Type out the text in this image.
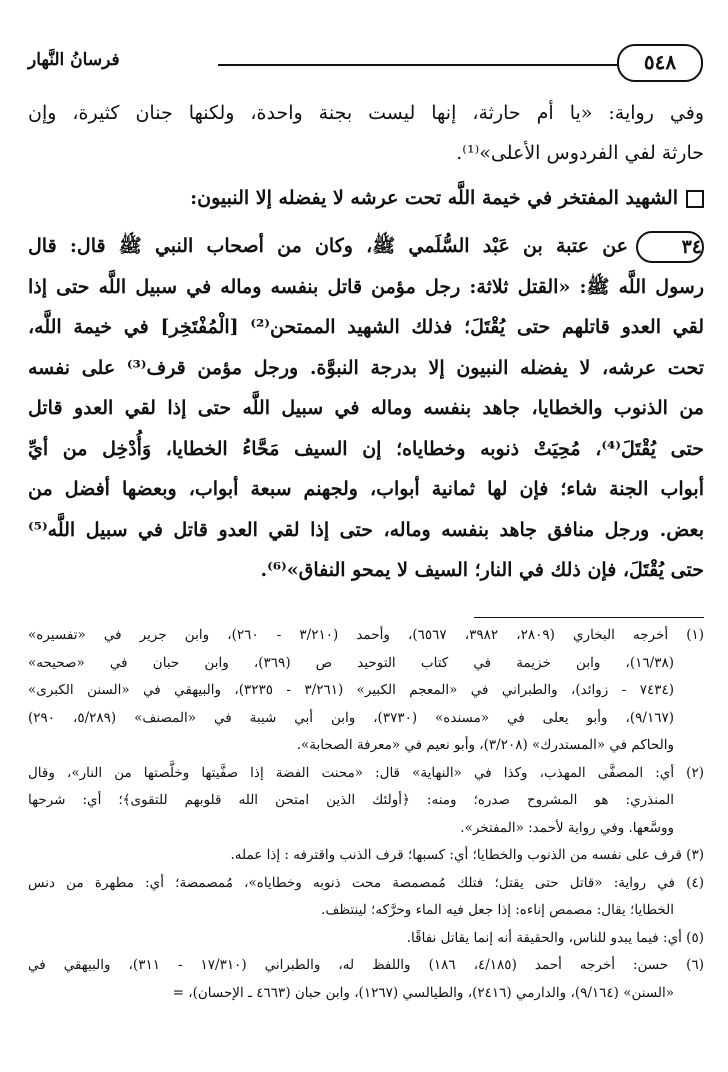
فرسانُ النَّهار	٥٤٨
وفي رواية: «يا أم حارثة، إنها ليست بجنة واحدة، ولكنها جنان كثيرة، وإن
حارثة لفي الفردوس الأعلى»⁽¹⁾.
الشهيد المفتخر في خيمة اللَّه تحت عرشه لا يفضله إلا النبيون:
٣٤عن عتبة بن عَبْد السُّلَمي ﷺ، وكان من أصحاب النبي ﷺ قال: قال
رسول اللَّه ﷺ: «القتل ثلاثة: رجل مؤمن قاتل بنفسه وماله في سبيل اللَّه حتى إذا
لقي العدو قاتلهم حتى يُقْتَلَ؛ فذلك الشهيد الممتحن⁽²⁾ [الْمُفْتَخِر] في خيمة اللَّه،
تحت عرشه، لا يفضله النبيون إلا بدرجة النبوَّة. ورجل مؤمن قرف⁽³⁾ على نفسه
من الذنوب والخطايا، جاهد بنفسه وماله في سبيل اللَّه حتى إذا لقي العدو قاتل
حتى يُقْتَلَ⁽⁴⁾، مُحِيَتْ ذنوبه وخطاياه؛ إن السيف مَحَّاءُ الخطايا، وَأُدْخِل من أيِّ
أبواب الجنة شاء؛ فإن لها ثمانية أبواب، ولجهنم سبعة أبواب، وبعضها أفضل من
بعض. ورجل منافق جاهد بنفسه وماله، حتى إذا لقي العدو قاتل في سبيل اللَّه⁽⁵⁾
حتى يُقْتَلَ، فإن ذلك في النار؛ السيف لا يمحو النفاق»⁽⁶⁾.
(١) أخرجه البخاري (٢٨٠٩، ٣٩٨٢، ٦٥٦٧)، وأحمد (٣/٢١٠ - ٢٦٠)، وابن جرير في «تفسيره»
(١٦/٣٨)، وابن خزيمة في كتاب التوحيد ص (٣٦٩)، وابن حبان في «صحيحه»
(٧٤٣٤ - زوائد)، والطبراني في «المعجم الكبير» (٣/٢٦١ - ٣٢٣٥)، والبيهقي في «السنن الكبرى»
(٩/١٦٧)، وأبو يعلى في «مسنده» (٣٧٣٠)، وابن أبي شيبة في «المصنف» (٥/٢٨٩، ٢٩٠)
والحاكم في «المستدرك» (٣/٢٠٨)، وأبو نعيم في «معرفة الصحابة».
(٢) أي: المصفَّى المهذب، وكذا في «النهاية» قال: «محنت الفضة إذا صفَّيتها وخلَّصتها من النار»، وقال
المنذري: هو المشروح صدره؛ ومنه: ﴿أولئك الذين امتحن الله قلوبهم للتقوى﴾؛ أي: شرحها
ووسَّعها. وفي رواية لأحمد: «المفتخر».
(٣) قرف على نفسه من الذنوب والخطايا؛ أي: كسبها؛ قرف الذنب واقترفه : إذا عمله.
(٤) في رواية: «قاتل حتى يقتل؛ فتلك مُمصمصة محت ذنوبه وخطاياه»، مُمصمصة؛ أي: مطهرة من دنس
الخطايا؛ يقال: مصمص إناءه: إذا جعل فيه الماء وحرَّكه؛ لينتظف.
(٥) أي: فيما يبدو للناس، والحقيقة أنه إنما يقاتل نفاقًا.
(٦) حسن: أخرجه أحمد (٤/١٨٥، ١٨٦) واللفظ له، والطبراني (١٧/٣١٠ - ٣١١)، والبيهقي في
«السنن» (٩/١٦٤)، والدارمي (٢٤١٦)، والطيالسي (١٢٦٧)، وابن حبان (٤٦٦٣ ـ الإحسان)، =
